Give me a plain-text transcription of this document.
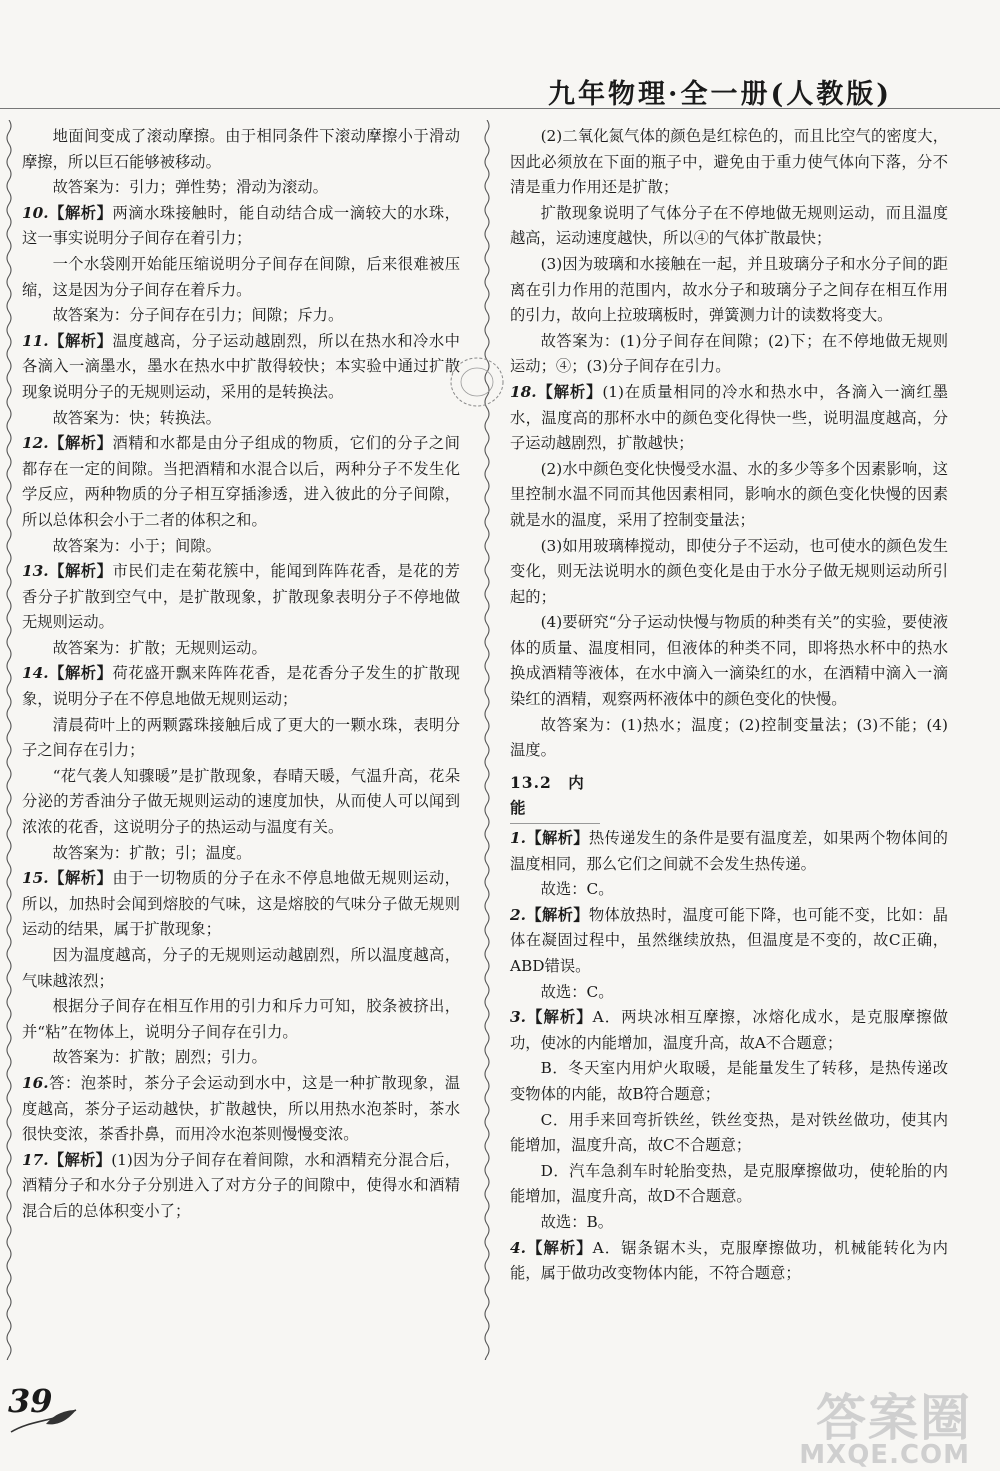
九年物理·全一册(人教版)

地面间变成了滚动摩擦。由于相同条件下滚动摩擦小于滑动摩擦，所以巨石能够被移动。

故答案为：引力；弹性势；滑动为滚动。

10.【解析】两滴水珠接触时，能自动结合成一滴较大的水珠，这一事实说明分子间存在着引力；

一个水袋刚开始能压缩说明分子间存在间隙，后来很难被压缩，这是因为分子间存在着斥力。

故答案为：分子间存在引力；间隙；斥力。

11.【解析】温度越高，分子运动越剧烈，所以在热水和冷水中各滴入一滴墨水，墨水在热水中扩散得较快；本实验中通过扩散现象说明分子的无规则运动，采用的是转换法。

故答案为：快；转换法。

12.【解析】酒精和水都是由分子组成的物质，它们的分子之间都存在一定的间隙。当把酒精和水混合以后，两种分子不发生化学反应，两种物质的分子相互穿插渗透，进入彼此的分子间隙，所以总体积会小于二者的体积之和。

故答案为：小于；间隙。

13.【解析】市民们走在菊花簇中，能闻到阵阵花香，是花的芳香分子扩散到空气中，是扩散现象，扩散现象表明分子不停地做无规则运动。

故答案为：扩散；无规则运动。

14.【解析】荷花盛开飘来阵阵花香，是花香分子发生的扩散现象，说明分子在不停息地做无规则运动；

清晨荷叶上的两颗露珠接触后成了更大的一颗水珠，表明分子之间存在引力；

“花气袭人知骤暖”是扩散现象，春晴天暖，气温升高，花朵分泌的芳香油分子做无规则运动的速度加快，从而使人可以闻到浓浓的花香，这说明分子的热运动与温度有关。

故答案为：扩散；引；温度。

15.【解析】由于一切物质的分子在永不停息地做无规则运动，所以，加热时会闻到熔胶的气味，这是熔胶的气味分子做无规则运动的结果，属于扩散现象；

因为温度越高，分子的无规则运动越剧烈，所以温度越高，气味越浓烈；

根据分子间存在相互作用的引力和斥力可知，胶条被挤出，并“粘”在物体上，说明分子间存在引力。

故答案为：扩散；剧烈；引力。

16.答：泡茶时，茶分子会运动到水中，这是一种扩散现象，温度越高，茶分子运动越快，扩散越快，所以用热水泡茶时，茶水很快变浓，茶香扑鼻，而用冷水泡茶则慢慢变浓。

17.【解析】(1)因为分子间存在着间隙，水和酒精充分混合后，酒精分子和水分子分别进入了对方分子的间隙中，使得水和酒精混合后的总体积变小了；

(2)二氧化氮气体的颜色是红棕色的，而且比空气的密度大，因此必须放在下面的瓶子中，避免由于重力使气体向下落，分不清是重力作用还是扩散；

扩散现象说明了气体分子在不停地做无规则运动，而且温度越高，运动速度越快，所以④的气体扩散最快；

(3)因为玻璃和水接触在一起，并且玻璃分子和水分子间的距离在引力作用的范围内，故水分子和玻璃分子之间存在相互作用的引力，故向上拉玻璃板时，弹簧测力计的读数将变大。

故答案为：(1)分子间存在间隙；(2)下；在不停地做无规则运动；④；(3)分子间存在引力。

18.【解析】(1)在质量相同的冷水和热水中，各滴入一滴红墨水，温度高的那杯水中的颜色变化得快一些，说明温度越高，分子运动越剧烈，扩散越快；

(2)水中颜色变化快慢受水温、水的多少等多个因素影响，这里控制水温不同而其他因素相同，影响水的颜色变化快慢的因素就是水的温度，采用了控制变量法；

(3)如用玻璃棒搅动，即使分子不运动，也可使水的颜色发生变化，则无法说明水的颜色变化是由于水分子做无规则运动所引起的；

(4)要研究“分子运动快慢与物质的种类有关”的实验，要使液体的质量、温度相同，但液体的种类不同，即将热水杯中的热水换成酒精等液体，在水中滴入一滴染红的水，在酒精中滴入一滴染红的酒精，观察两杯液体中的颜色变化的快慢。

故答案为：(1)热水；温度；(2)控制变量法；(3)不能；(4)温度。

13.2　内　能

1.【解析】热传递发生的条件是要有温度差，如果两个物体间的温度相同，那么它们之间就不会发生热传递。

故选：C。

2.【解析】物体放热时，温度可能下降，也可能不变，比如：晶体在凝固过程中，虽然继续放热，但温度是不变的，故C正确，ABD错误。

故选：C。

3.【解析】A．两块冰相互摩擦，冰熔化成水，是克服摩擦做功，使冰的内能增加，温度升高，故A不合题意；

B．冬天室内用炉火取暖，是能量发生了转移，是热传递改变物体的内能，故B符合题意；

C．用手来回弯折铁丝，铁丝变热，是对铁丝做功，使其内能增加，温度升高，故C不合题意；

D．汽车急刹车时轮胎变热，是克服摩擦做功，使轮胎的内能增加，温度升高，故D不合题意。

故选：B。

4.【解析】A．锯条锯木头，克服摩擦做功，机械能转化为内能，属于做功改变物体内能，不符合题意；

39	答案圈
MXQE.COM
